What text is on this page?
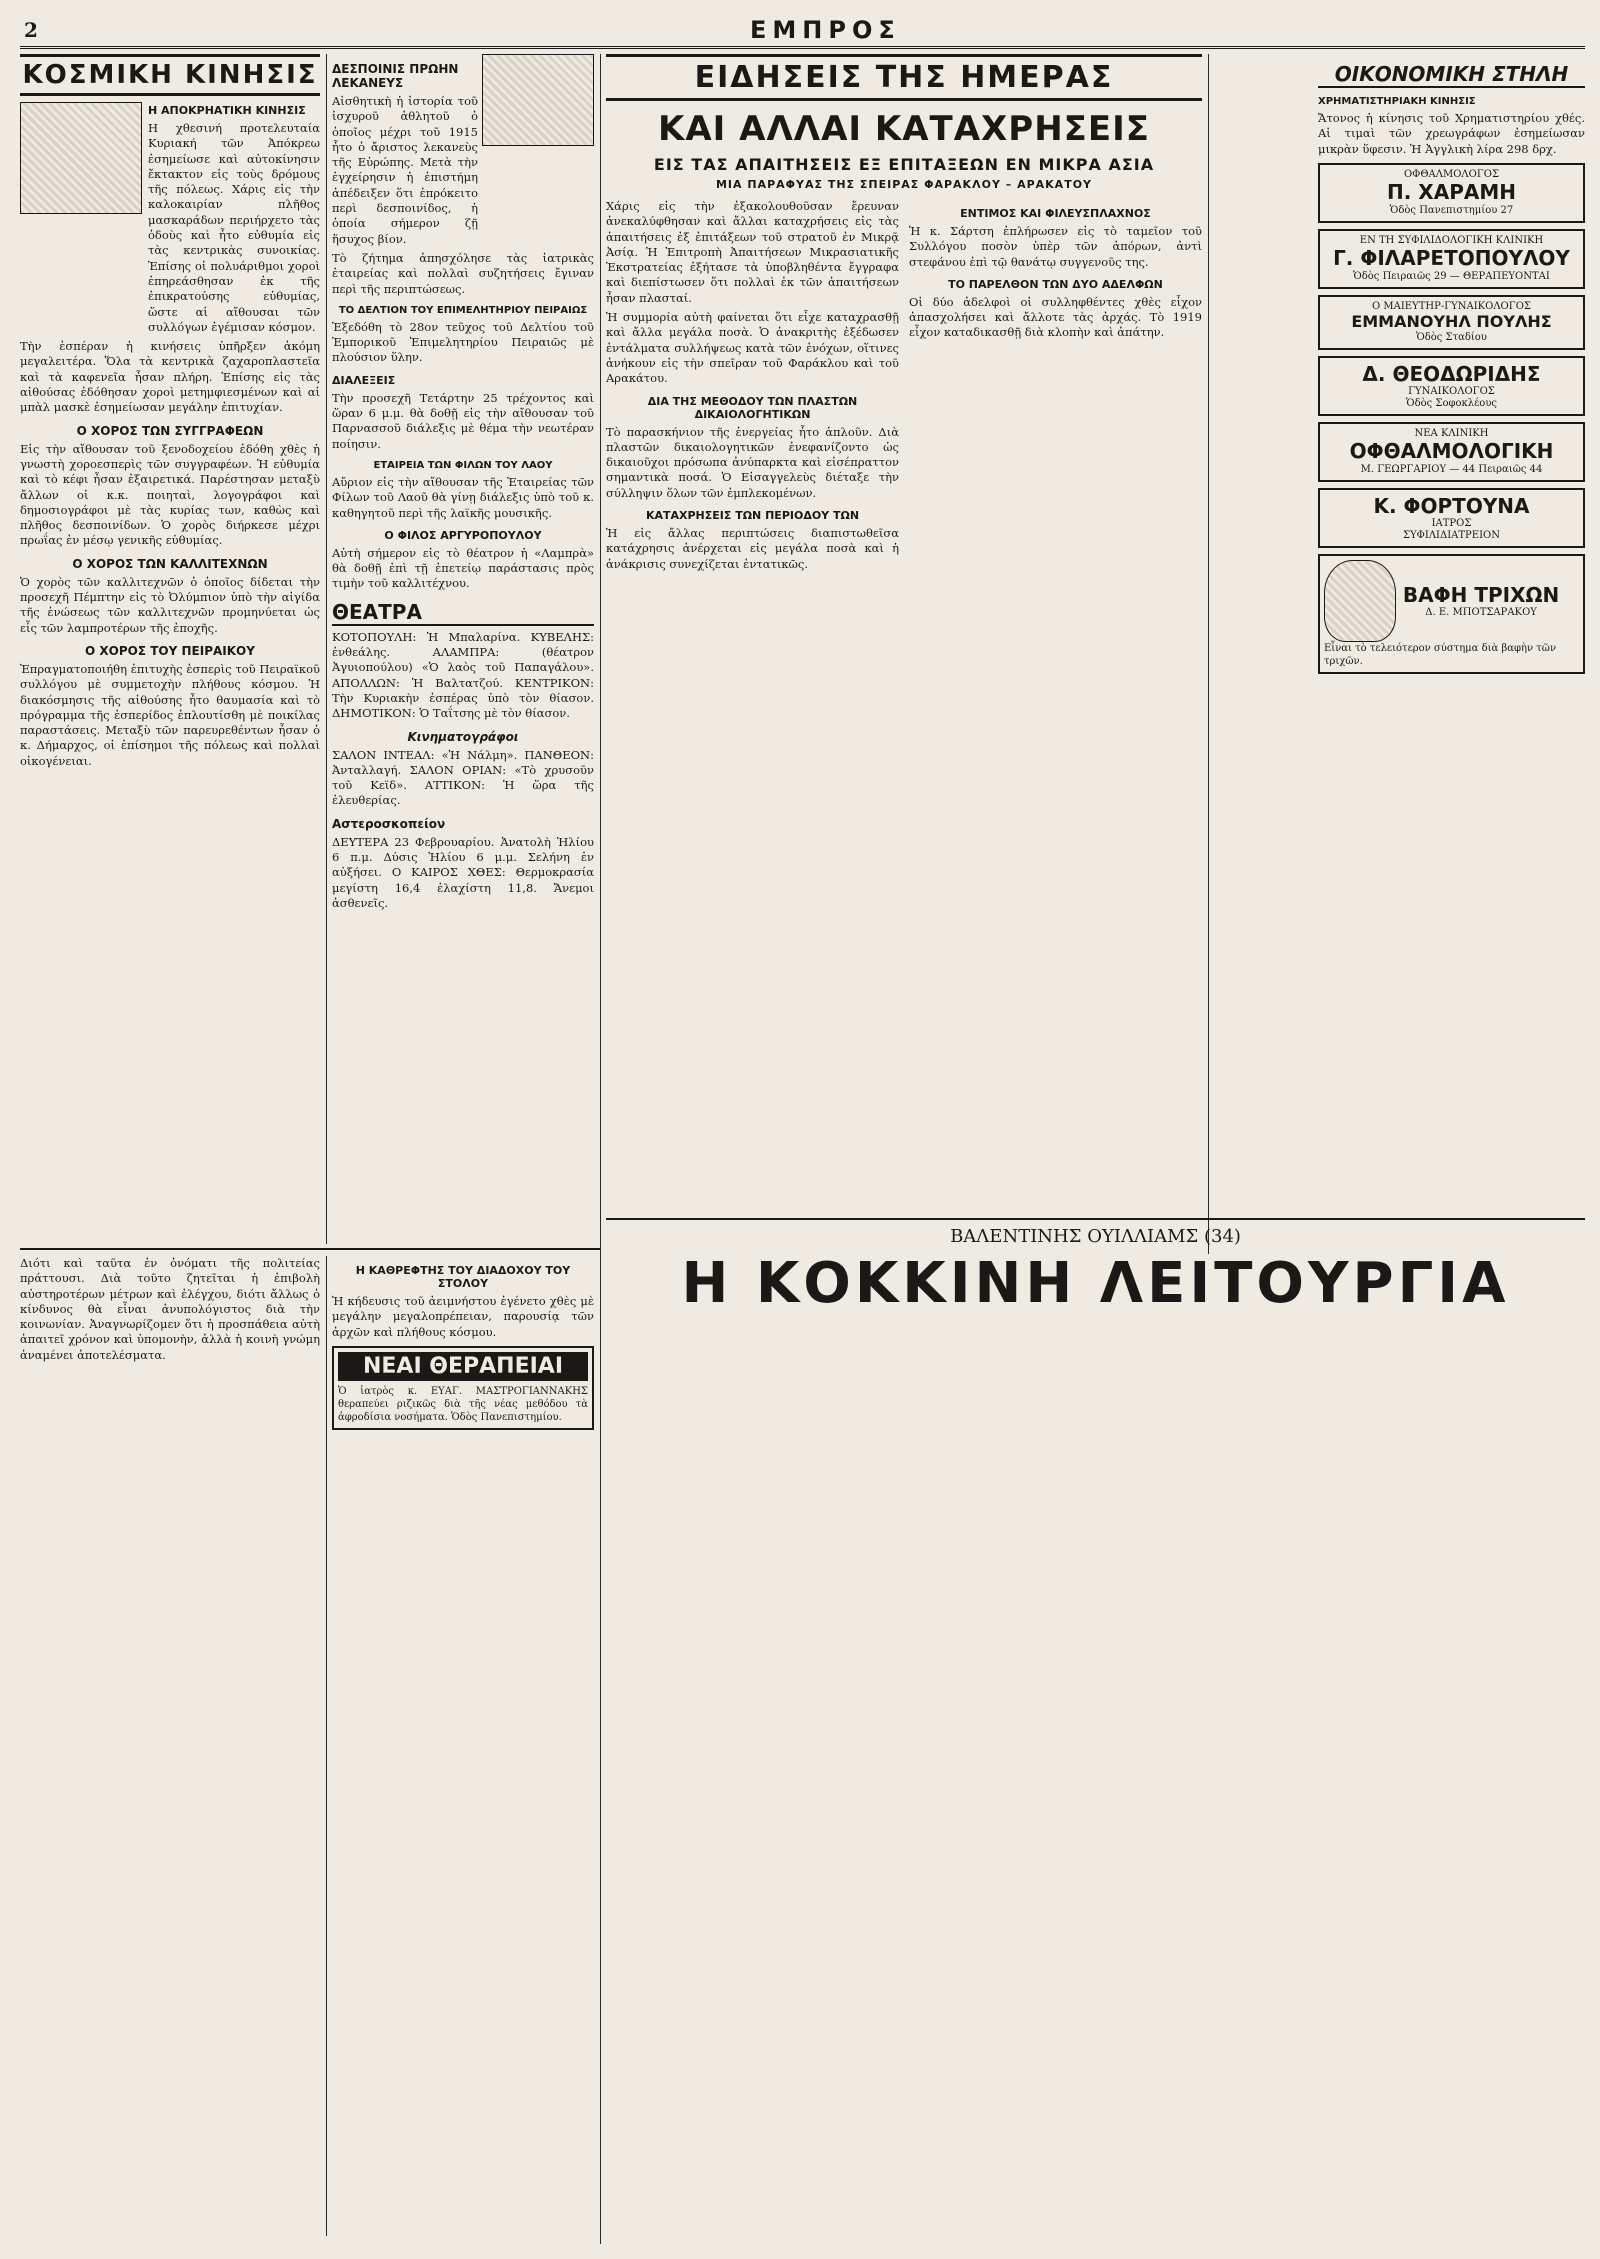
2	ΕΜΠΡΟΣ
ΚΟΣΜΙΚΗ ΚΙΝΗΣΙΣ
Η ΑΠΟΚΡΗΑΤΙΚΗ ΚΙΝΗΣΙΣ

Η χθεσινή προτελευταία Κυριακή τῶν Ἀπόκρεω ἐσημείωσε καὶ αὐτοκίνησιν ἔκτακτον εἰς τοὺς δρόμους τῆς πόλεως. Χάρις εἰς τὴν καλοκαιρίαν πλῆθος μασκαράδων περιήρχετο τὰς ὁδοὺς καὶ ἦτο εὐθυμία εἰς τὰς κεντρικὰς συνοικίας. Ἐπίσης οἱ πολυάριθμοι χοροὶ ἐπηρεάσθησαν ἐκ τῆς ἐπικρατούσης εὐθυμίας, ὥστε αἱ αἴθουσαι τῶν συλλόγων ἐγέμισαν κόσμον.

Τὴν ἑσπέραν ἡ κινήσεις ὑπῆρξεν ἀκόμη μεγαλειτέρα. Ὅλα τὰ κεντρικὰ ζαχαροπλαστεῖα καὶ τὰ καφενεῖα ἦσαν πλήρη. Ἐπίσης εἰς τὰς αἰθούσας ἐδόθησαν χοροὶ μετημφιεσμένων καὶ αἱ μπὰλ μασκὲ ἐσημείωσαν μεγάλην ἐπιτυχίαν.

Ο ΧΟΡΟΣ ΤΩΝ ΣΥΓΓΡΑΦΕΩΝ

Εἰς τὴν αἴθουσαν τοῦ ξενοδοχείου ἐδόθη χθὲς ἡ γνωστὴ χοροεσπερὶς τῶν συγγραφέων. Ἡ εὐθυμία καὶ τὸ κέφι ἦσαν ἐξαιρετικά. Παρέστησαν μεταξὺ ἄλλων οἱ κ.κ. ποιηταὶ, λογογράφοι καὶ δημοσιογράφοι μὲ τὰς κυρίας των, καθὼς καὶ πλῆθος δεσποινίδων. Ὁ χορὸς διήρκεσε μέχρι πρωΐας ἐν μέσῳ γενικῆς εὐθυμίας.

Ο ΧΟΡΟΣ ΤΩΝ ΚΑΛΛΙΤΕΧΝΩΝ

Ὁ χορὸς τῶν καλλιτεχνῶν ὁ ὁποῖος δίδεται τὴν προσεχῆ Πέμπτην εἰς τὸ Ὀλύμπιον ὑπὸ τὴν αἰγίδα τῆς ἑνώσεως τῶν καλλιτεχνῶν προμηνύεται ὡς εἷς τῶν λαμπροτέρων τῆς ἐποχῆς.

Ο ΧΟΡΟΣ ΤΟΥ ΠΕΙΡΑΙΚΟΥ

Ἐπραγματοποιήθη ἐπιτυχὴς ἑσπερὶς τοῦ Πειραϊκοῦ συλλόγου μὲ συμμετοχὴν πλήθους κόσμου. Ἡ διακόσμησις τῆς αἰθούσης ἦτο θαυμασία καὶ τὸ πρόγραμμα τῆς ἑσπερίδος ἐπλουτίσθη μὲ ποικίλας παραστάσεις. Μεταξὺ τῶν παρευρεθέντων ἦσαν ὁ κ. Δήμαρχος, οἱ ἐπίσημοι τῆς πόλεως καὶ πολλαὶ οἰκογένειαι.

ΔΕΣΠΟΙΝΙΣ ΠΡΩΗΝ ΛΕΚΑΝΕΥΣ

Αἰσθητικὴ ἡ ἱστορία τοῦ ἰσχυροῦ ἀθλητοῦ ὁ ὁποῖος μέχρι τοῦ 1915 ἦτο ὁ ἄριστος λεκανεὺς τῆς Εὐρώπης. Μετὰ τὴν ἐγχείρησιν ἡ ἐπιστήμη ἀπέδειξεν ὅτι ἐπρόκειτο περὶ δεσποινίδος, ἡ ὁποία σήμερον ζῇ ἥσυχος βίον.

Τὸ ζήτημα ἀπησχόλησε τὰς ἰατρικὰς ἐταιρείας καὶ πολλαὶ συζητήσεις ἔγιναν περὶ τῆς περιπτώσεως.

ΤΟ ΔΕΛΤΙΟΝ ΤΟΥ ΕΠΙΜΕΛΗΤΗΡΙΟΥ ΠΕΙΡΑΙΩΣ

Ἐξεδόθη τὸ 28ον τεῦχος τοῦ Δελτίου τοῦ Ἐμπορικοῦ Ἐπιμελητηρίου Πειραιῶς μὲ πλούσιον ὕλην.

ΔΙΑΛΕΞΕΙΣ

Τὴν προσεχῆ Τετάρτην 25 τρέχοντος καὶ ὥραν 6 μ.μ. θὰ δοθῇ εἰς τὴν αἴθουσαν τοῦ Παρνασσοῦ διάλεξις μὲ θέμα τὴν νεωτέραν ποίησιν.

ΕΤΑΙΡΕΙΑ ΤΩΝ ΦΙΛΩΝ ΤΟΥ ΛΑΟΥ

Αὔριον εἰς τὴν αἴθουσαν τῆς Ἑταιρείας τῶν Φίλων τοῦ Λαοῦ θὰ γίνῃ διάλεξις ὑπὸ τοῦ κ. καθηγητοῦ περὶ τῆς λαϊκῆς μουσικῆς.

Ο ΦΙΛΟΣ ΑΡΓΥΡΟΠΟΥΛΟΥ

Αὐτὴ σήμερον εἰς τὸ θέατρον ἡ «Λαμπρὰ» θὰ δοθῇ ἐπὶ τῇ ἐπετείῳ παράστασις πρὸς τιμὴν τοῦ καλλιτέχνου.

ΘΕΑΤΡΑ

ΚΟΤΟΠΟΥΛΗ: Ἡ Μπαλαρίνα. ΚΥΒΕΛΗΣ: ἐνθεάλης. ΑΛΑΜΠΡΑ: (θέατρον Ἀγυιοπούλου) «Ὁ λαὸς τοῦ Παπαγάλου». ΑΠΟΛΛΩΝ: Ἡ Βαλτατζού. ΚΕΝΤΡΙΚΟΝ: Τὴν Κυριακὴν ἐσπέρας ὑπὸ τὸν θίασον. ΔΗΜΟΤΙΚΟΝ: Ὁ Ταΐτσης μὲ τὸν θίασον.

Κινηματογράφοι

ΣΑΛΟΝ ΙΝΤΕΑΛ: «Ἡ Νάλμη». ΠΑΝΘΕΟΝ: Ἀνταλλαγή. ΣΑΛΟΝ ΟΡΙΑΝ: «Τὸ χρυσοῦν τοῦ Κεϊδ». ΑΤΤΙΚΟΝ: Ἡ ὥρα τῆς ἐλευθερίας.

Αστεροσκοπείον

ΔΕΥΤΕΡΑ 23 Φεβρουαρίου. Ἀνατολὴ Ἡλίου 6 π.μ. Δύσις Ἡλίου 6 μ.μ. Σελήνη ἐν αὐξήσει. Ο ΚΑΙΡΟΣ ΧΘΕΣ: Θερμοκρασία μεγίστη 16,4 ἐλαχίστη 11,8. Ἄνεμοι ἀσθενεῖς.

ΕΙΔΗΣΕΙΣ ΤΗΣ ΗΜΕΡΑΣ
ΚΑΙ ΑΛΛΑΙ ΚΑΤΑΧΡΗΣΕΙΣ
ΕΙΣ ΤΑΣ ΑΠΑΙΤΗΣΕΙΣ ΕΞ ΕΠΙΤΑΞΕΩΝ ΕΝ ΜΙΚΡΑ ΑΣΙΑ
ΜΙΑ ΠΑΡΑΦΥΑΣ ΤΗΣ ΣΠΕΙΡΑΣ ΦΑΡΑΚΛΟΥ – ΑΡΑΚΑΤΟΥ

Χάρις εἰς τὴν ἐξακολουθοῦσαν ἔρευναν ἀνεκαλύφθησαν καὶ ἄλλαι καταχρήσεις εἰς τὰς ἀπαιτήσεις ἐξ ἐπιτάξεων τοῦ στρατοῦ ἐν Μικρᾷ Ἀσίᾳ. Ἡ Ἐπιτροπὴ Ἀπαιτήσεων Μικρασιατικῆς Ἐκστρατείας ἐξήτασε τὰ ὑποβληθέντα ἔγγραφα καὶ διεπίστωσεν ὅτι πολλαὶ ἐκ τῶν ἀπαιτήσεων ἦσαν πλασταί.

Ἡ συμμορία αὐτὴ φαίνεται ὅτι εἶχε καταχρασθῇ καὶ ἄλλα μεγάλα ποσὰ. Ὁ ἀνακριτὴς ἐξέδωσεν ἐντάλματα συλλήψεως κατὰ τῶν ἐνόχων, οἵτινες ἀνήκουν εἰς τὴν σπεῖραν τοῦ Φαράκλου καὶ τοῦ Αρακάτου.

ΔΙΑ ΤΗΣ ΜΕΘΟΔΟΥ ΤΩΝ ΠΛΑΣΤΩΝ ΔΙΚΑΙΟΛΟΓΗΤΙΚΩΝ

Τὸ παρασκήνιον τῆς ἐνεργείας ἦτο ἁπλοῦν. Διὰ πλαστῶν δικαιολογητικῶν ἐνεφανίζοντο ὡς δικαιοῦχοι πρόσωπα ἀνύπαρκτα καὶ εἰσέπραττον σημαντικὰ ποσά. Ὁ Εἰσαγγελεὺς διέταξε τὴν σύλληψιν ὅλων τῶν ἐμπλεκομένων.

ΚΑΤΑΧΡΗΣΕΙΣ ΤΩΝ ΠΕΡΙΟΔΟΥ ΤΩΝ

Ἡ εἰς ἄλλας περιπτώσεις διαπιστωθεῖσα κατάχρησις ἀνέρχεται εἰς μεγάλα ποσὰ καὶ ἡ ἀνάκρισις συνεχίζεται ἐντατικῶς.

ΕΝΤΙΜΟΣ ΚΑΙ ΦΙΛΕΥΣΠΛΑΧΝΟΣ

Ἡ κ. Σάρτση ἐπλήρωσεν εἰς τὸ ταμεῖον τοῦ Συλλόγου ποσὸν ὑπὲρ τῶν ἀπόρων, ἀντὶ στεφάνου ἐπὶ τῷ θανάτῳ συγγενοῦς της.

ΤΟ ΠΑΡΕΛΘΟΝ ΤΩΝ ΔΥΟ ΑΔΕΛΦΩΝ

Οἱ δύο ἀδελφοὶ οἱ συλληφθέντες χθὲς εἶχον ἀπασχολήσει καὶ ἄλλοτε τὰς ἀρχάς. Τὸ 1919 εἶχον καταδικασθῇ διὰ κλοπὴν καὶ ἀπάτην.

ΟΙΚΟΝΟΜΙΚΗ ΣΤΗΛΗ
ΧΡΗΜΑΤΙΣΤΗΡΙΑΚΗ ΚΙΝΗΣΙΣ

Ἄτονος ἡ κίνησις τοῦ Χρηματιστηρίου χθές. Αἱ τιμαὶ τῶν χρεωγράφων ἐσημείωσαν μικρὰν ὕφεσιν. Ἡ Ἀγγλικὴ λίρα 298 δρχ.

ΟΦΘΑΛΜΟΛΟΓΟΣ
Π. ΧΑΡΑΜΗ
Ὁδὸς Πανεπιστημίου 27
ΕΝ ΤΗ ΣΥΦΙΛΙΔΟΛΟΓΙΚΗ ΚΛΙΝΙΚΗ
Γ. ΦΙΛΑΡΕΤΟΠΟΥΛΟΥ
Ὁδὸς Πειραιῶς 29 — ΘΕΡΑΠΕΥΟΝΤΑΙ
Ο ΜΑΙΕΥΤΗΡ-ΓΥΝΑΙΚΟΛΟΓΟΣ
ΕΜΜΑΝΟΥΗΛ ΠΟΥΛΗΣ
Ὁδὸς Σταδίου
Δ. ΘΕΟΔΩΡΙΔΗΣ
ΓΥΝΑΙΚΟΛΟΓΟΣ
Ὁδὸς Σοφοκλέους
ΝΕΑ ΚΛΙΝΙΚΗ
ΟΦΘΑΛΜΟΛΟΓΙΚΗ
Μ. ΓΕΩΡΓΑΡΙΟΥ — 44 Πειραιῶς 44
Κ. ΦΟΡΤΟΥΝΑ
ΙΑΤΡΟΣ
ΣΥΦΙΛΙΔΙΑΤΡΕΙΟΝ

ΒΑΦΗ ΤΡΙΧΩΝ
Δ. Ε. ΜΠΟΤΣΑΡΑΚΟΥ
Εἶναι τὸ τελειότερον σύστημα διὰ βαφὴν τῶν τριχῶν.

Διότι καὶ ταῦτα ἐν ὀνόματι τῆς πολιτείας πράττουσι. Διὰ τοῦτο ζητεῖται ἡ ἐπιβολὴ αὐστηροτέρων μέτρων καὶ ἐλέγχου, διότι ἄλλως ὁ κίνδυνος θὰ εἶναι ἀνυπολόγιστος διὰ τὴν κοινωνίαν. Ἀναγνωρίζομεν ὅτι ἡ προσπάθεια αὐτὴ ἀπαιτεῖ χρόνον καὶ ὑπομονὴν, ἀλλὰ ἡ κοινὴ γνώμη ἀναμένει ἀποτελέσματα.

Η ΚΑΘΡΕΦΤΗΣ ΤΟΥ ΔΙΑΔΟΧΟΥ ΤΟΥ ΣΤΟΛΟΥ

Ἡ κήδευσις τοῦ ἀειμνήστου ἐγένετο χθὲς μὲ μεγάλην μεγαλοπρέπειαν, παρουσίᾳ τῶν ἀρχῶν καὶ πλήθους κόσμου.

ΝΕΑΙ ΘΕΡΑΠΕΙΑΙ
Ὁ ἰατρὸς κ. ΕΥΑΓ. ΜΑΣΤΡΟΓΙΑΝΝΑΚΗΣ θεραπεύει ριζικῶς διὰ τῆς νέας μεθόδου τὰ ἀφροδίσια νοσήματα. Ὁδὸς Πανεπιστημίου.
ΒΑΛΕΝΤΙΝΗΣ ΟΥΙΛΛΙΑΜΣ (34)
Η ΚΟΚΚΙΝΗ ΛΕΙΤΟΥΡΓΙΑ
